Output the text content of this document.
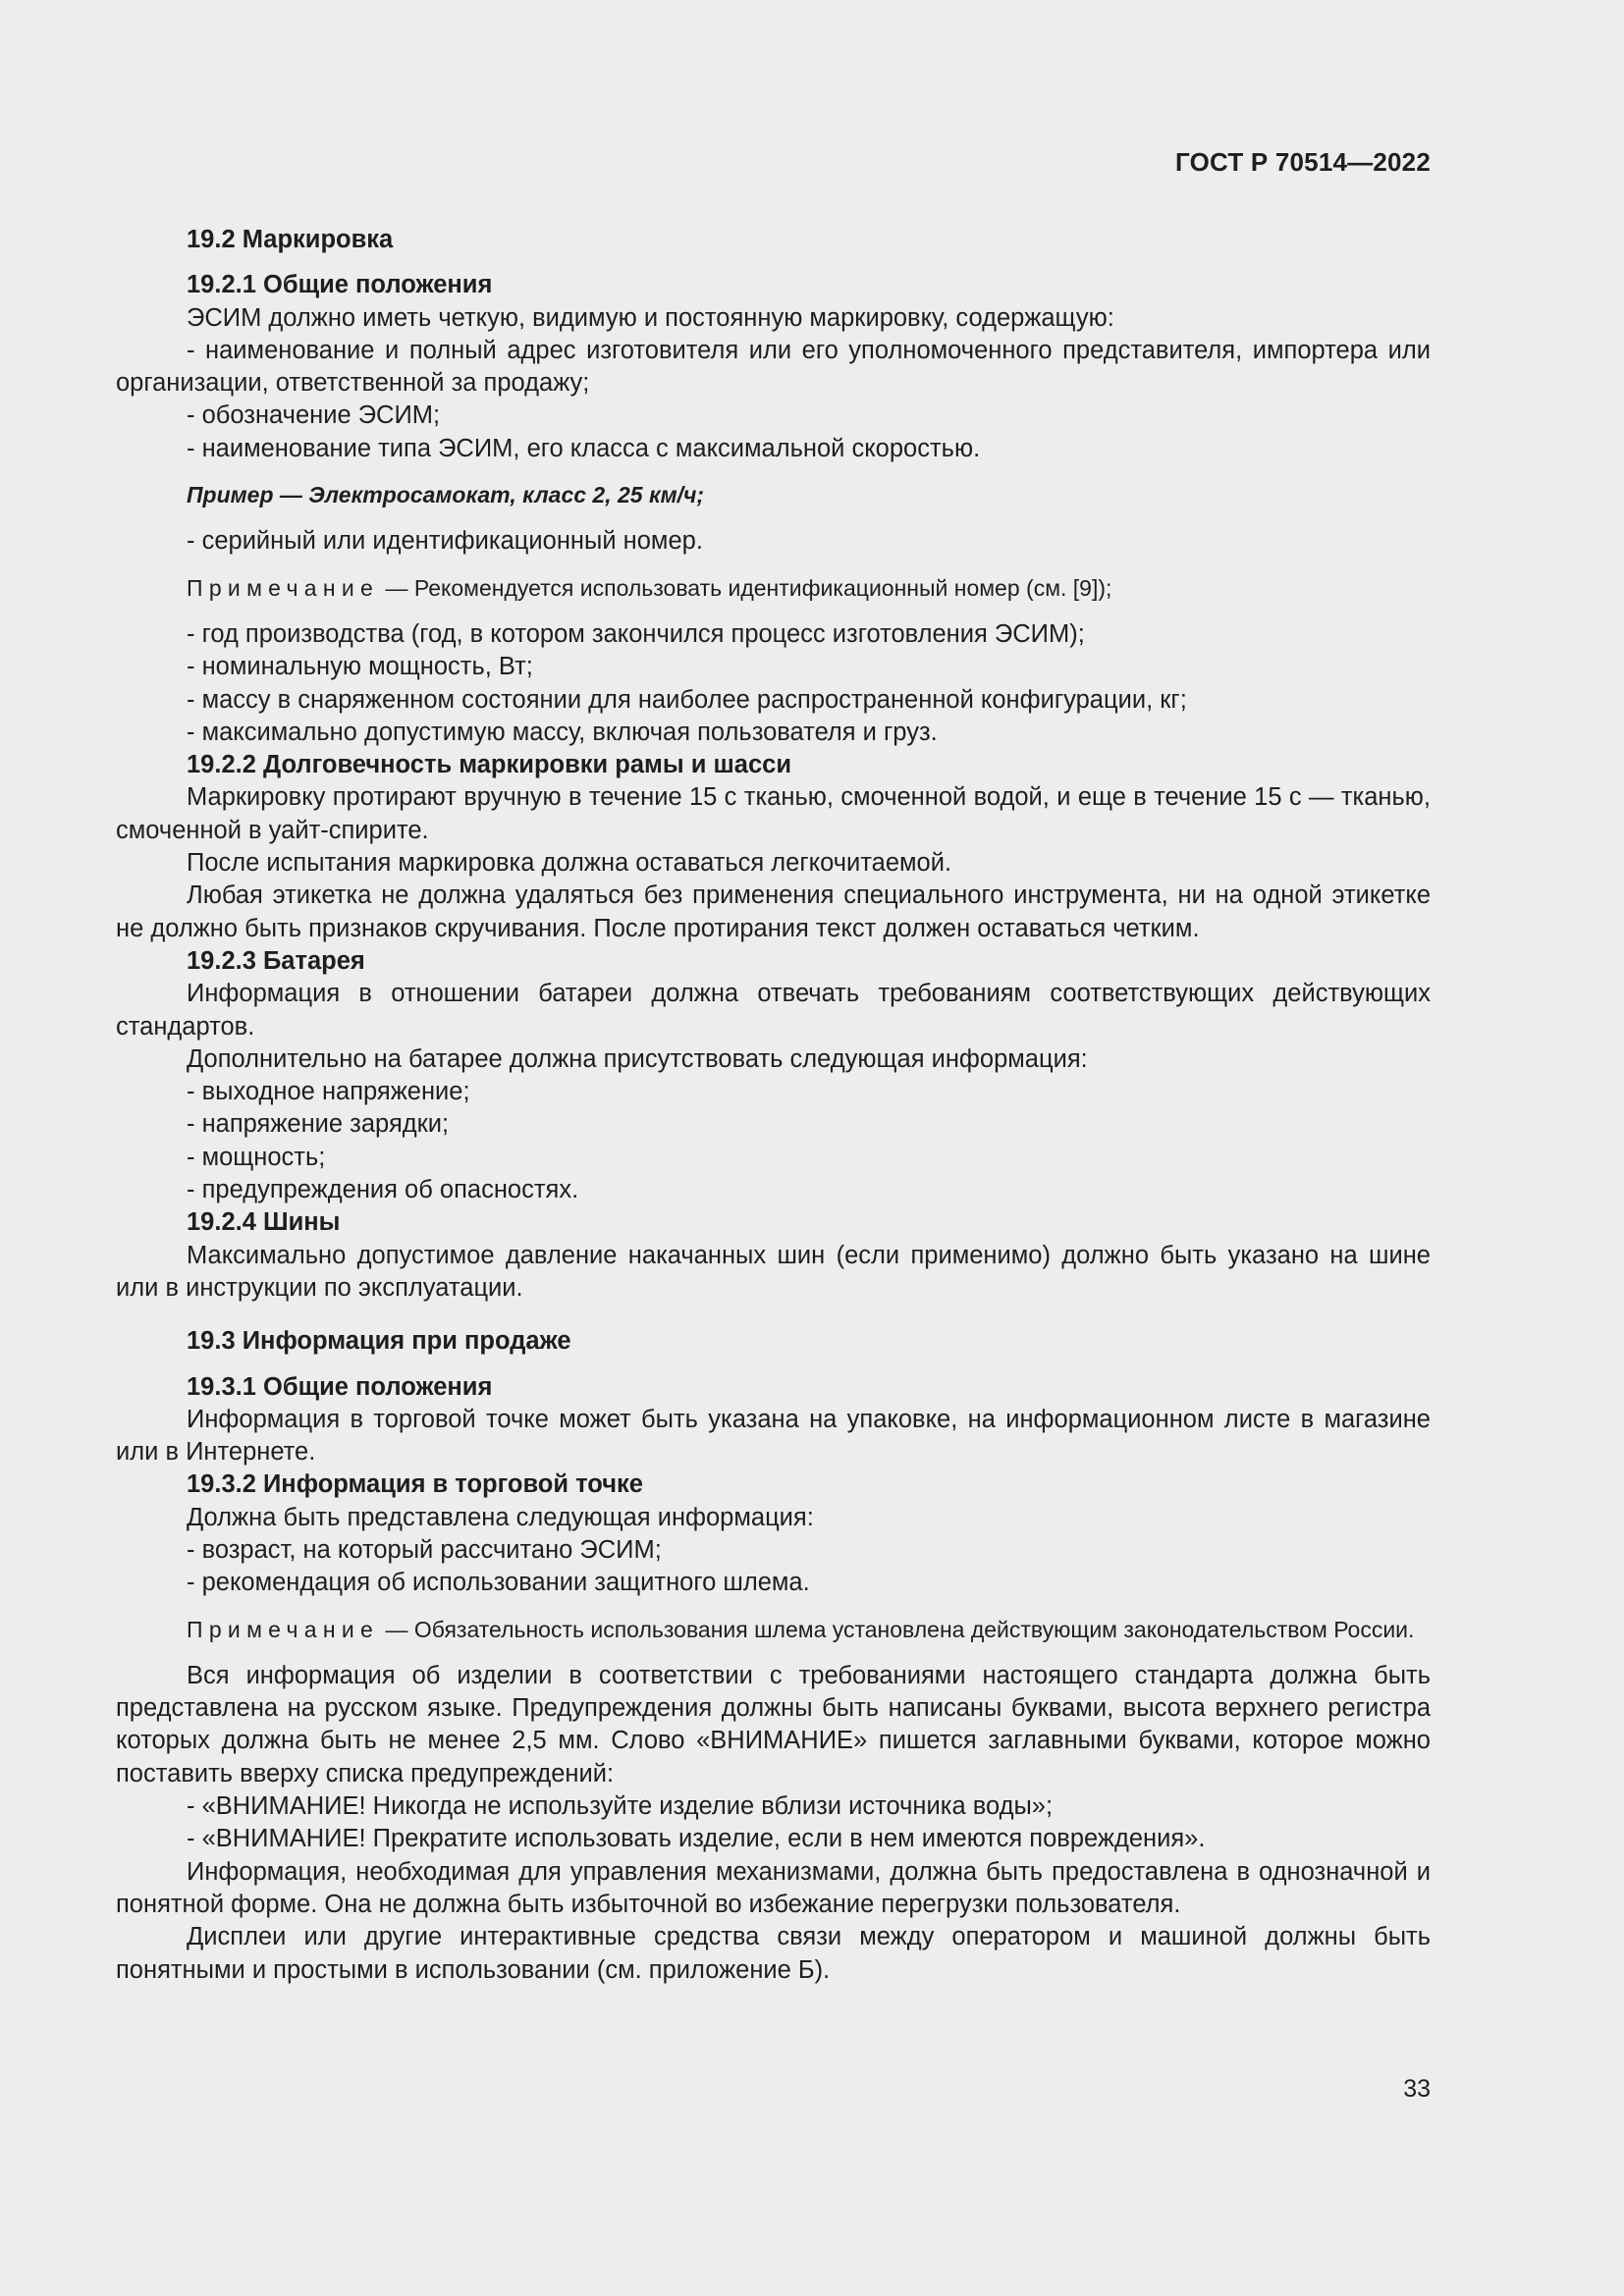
ГОСТ Р 70514—2022

19.2 Маркировка

19.2.1 Общие положения

ЭСИМ должно иметь четкую, видимую и постоянную маркировку, содержащую:

- наименование и полный адрес изготовителя или его уполномоченного представителя, импортера или организации, ответственной за продажу;

- обозначение ЭСИМ;

- наименование типа ЭСИМ, его класса с максимальной скоростью.

Пример — Электросамокат, класс 2, 25 км/ч;

- серийный или идентификационный номер.

Примечание — Рекомендуется использовать идентификационный номер (см. [9]);

- год производства (год, в котором закончился процесс изготовления ЭСИМ);

- номинальную мощность, Вт;

- массу в снаряженном состоянии для наиболее распространенной конфигурации, кг;

- максимально допустимую массу, включая пользователя и груз.

19.2.2 Долговечность маркировки рамы и шасси

Маркировку протирают вручную в течение 15 с тканью, смоченной водой, и еще в течение 15 с — тканью, смоченной в уайт-спирите.

После испытания маркировка должна оставаться легкочитаемой.

Любая этикетка не должна удаляться без применения специального инструмента, ни на одной этикетке не должно быть признаков скручивания. После протирания текст должен оставаться четким.

19.2.3 Батарея

Информация в отношении батареи должна отвечать требованиям соответствующих действующих стандартов.

Дополнительно на батарее должна присутствовать следующая информация:

- выходное напряжение;

- напряжение зарядки;

- мощность;

- предупреждения об опасностях.

19.2.4 Шины

Максимально допустимое давление накачанных шин (если применимо) должно быть указано на шине или в инструкции по эксплуатации.

19.3 Информация при продаже

19.3.1 Общие положения

Информация в торговой точке может быть указана на упаковке, на информационном листе в магазине или в Интернете.

19.3.2 Информация в торговой точке

Должна быть представлена следующая информация:

- возраст, на который рассчитано ЭСИМ;

- рекомендация об использовании защитного шлема.

Примечание — Обязательность использования шлема установлена действующим законодательством России.

Вся информация об изделии в соответствии с требованиями настоящего стандарта должна быть представлена на русском языке. Предупреждения должны быть написаны буквами, высота верхнего регистра которых должна быть не менее 2,5 мм. Слово «ВНИМАНИЕ» пишется заглавными буквами, которое можно поставить вверху списка предупреждений:

- «ВНИМАНИЕ! Никогда не используйте изделие вблизи источника воды»;

- «ВНИМАНИЕ! Прекратите использовать изделие, если в нем имеются повреждения».

Информация, необходимая для управления механизмами, должна быть предоставлена в однозначной и понятной форме. Она не должна быть избыточной во избежание перегрузки пользователя.

Дисплеи или другие интерактивные средства связи между оператором и машиной должны быть понятными и простыми в использовании (см. приложение Б).

33
